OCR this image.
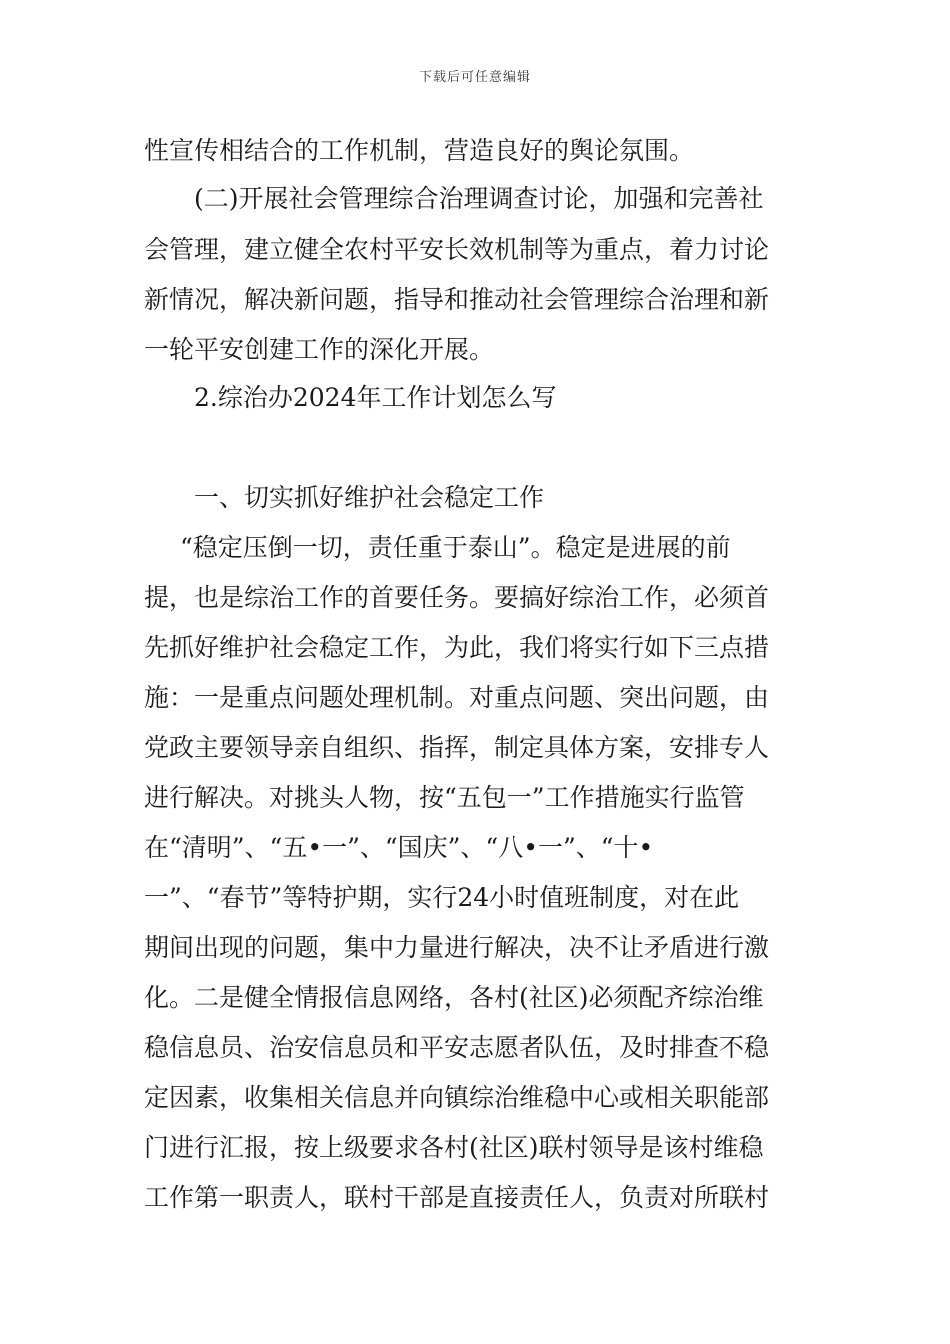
下载后可任意编辑
性宣传相结合的工作机制，营造良好的舆论氛围。
(二)开展社会管理综合治理调查讨论，加强和完善社
会管理，建立健全农村平安长效机制等为重点，着力讨论
新情况，解决新问题，指导和推动社会管理综合治理和新
一轮平安创建工作的深化开展。
2.综治办2024年工作计划怎么写
一、切实抓好维护社会稳定工作
“稳定压倒一切，责任重于泰山”。稳定是进展的前
提，也是综治工作的首要任务。要搞好综治工作，必须首
先抓好维护社会稳定工作，为此，我们将实行如下三点措
施：一是重点问题处理机制。对重点问题、突出问题，由
党政主要领导亲自组织、指挥，制定具体方案，安排专人
进行解决。对挑头人物，按“五包一”工作措施实行监管
在“清明”、“五•一”、“国庆”、“八•一”、“十•
一”、“春节”等特护期，实行24小时值班制度，对在此
期间出现的问题，集中力量进行解决，决不让矛盾进行激
化。二是健全情报信息网络，各村(社区)必须配齐综治维
稳信息员、治安信息员和平安志愿者队伍，及时排查不稳
定因素，收集相关信息并向镇综治维稳中心或相关职能部
门进行汇报，按上级要求各村(社区)联村领导是该村维稳
工作第一职责人，联村干部是直接责任人，负责对所联村
